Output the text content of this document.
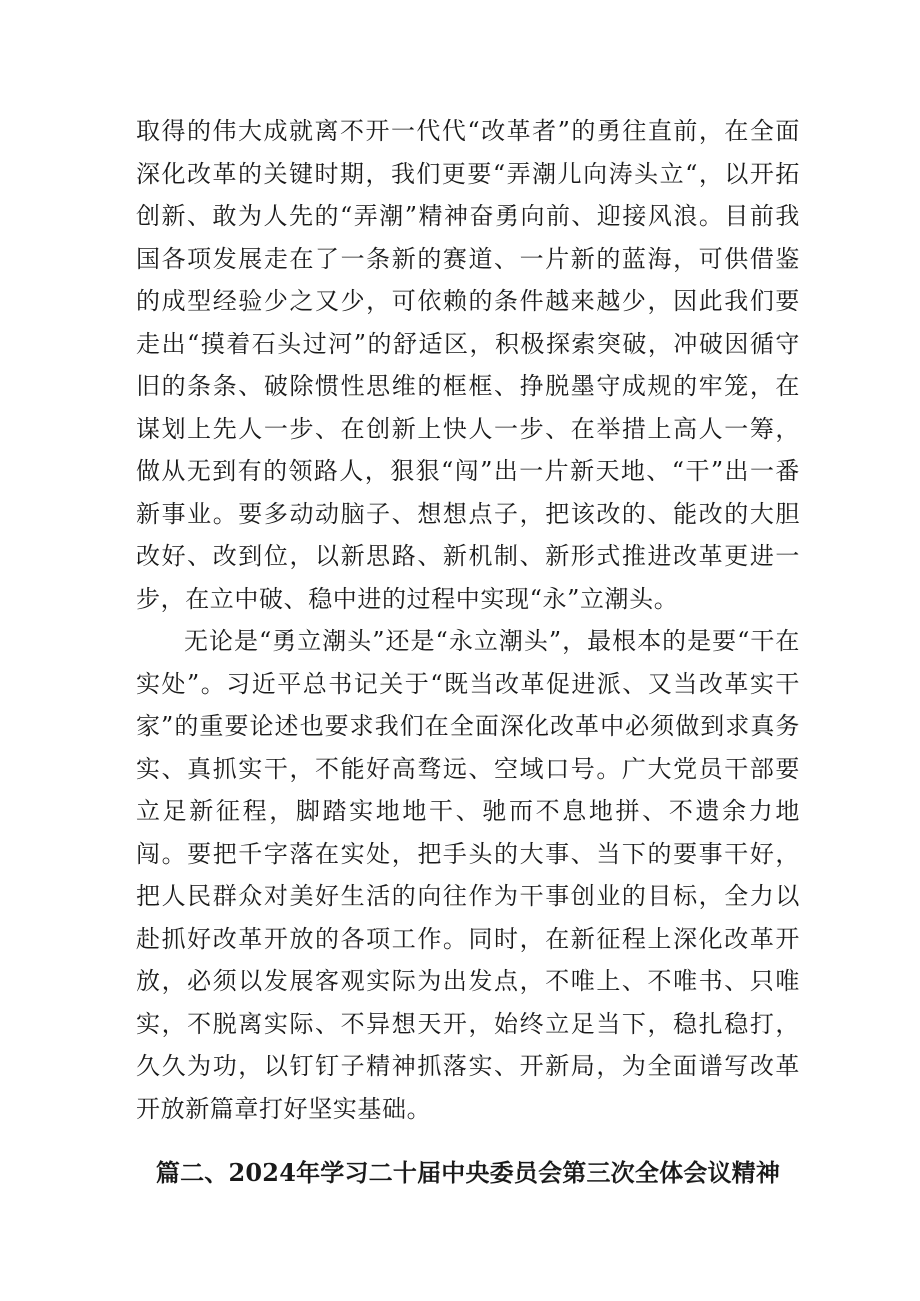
取得的伟大成就离不开一代代“改革者”的勇往直前，在全面深化改革的关键时期，我们更要“弄潮儿向涛头立“，以开拓创新、敢为人先的“弄潮”精神奋勇向前、迎接风浪。目前我国各项发展走在了一条新的赛道、一片新的蓝海，可供借鉴的成型经验少之又少，可依赖的条件越来越少，因此我们要走出“摸着石头过河”的舒适区，积极探索突破，冲破因循守旧的条条、破除惯性思维的框框、挣脱墨守成规的牢笼，在谋划上先人一步、在创新上快人一步、在举措上高人一筹，做从无到有的领路人，狠狠“闯”出一片新天地、“干”出一番新事业。要多动动脑子、想想点子，把该改的、能改的大胆改好、改到位，以新思路、新机制、新形式推进改革更进一步，在立中破、稳中进的过程中实现“永”立潮头。

无论是“勇立潮头”还是“永立潮头”，最根本的是要“干在实处”。习近平总书记关于“既当改革促进派、又当改革实干家”的重要论述也要求我们在全面深化改革中必须做到求真务实、真抓实干，不能好高骛远、空域口号。广大党员干部要立足新征程，脚踏实地地干、驰而不息地拼、不遗余力地闯。要把千字落在实处，把手头的大事、当下的要事干好，把人民群众对美好生活的向往作为干事创业的目标，全力以赴抓好改革开放的各项工作。同时，在新征程上深化改革开放，必须以发展客观实际为出发点，不唯上、不唯书、只唯实，不脱离实际、不异想天开，始终立足当下，稳扎稳打，久久为功，以钉钉子精神抓落实、开新局，为全面谱写改革开放新篇章打好坚实基础。

篇二、2024年学习二十届中央委员会第三次全体会议精神
